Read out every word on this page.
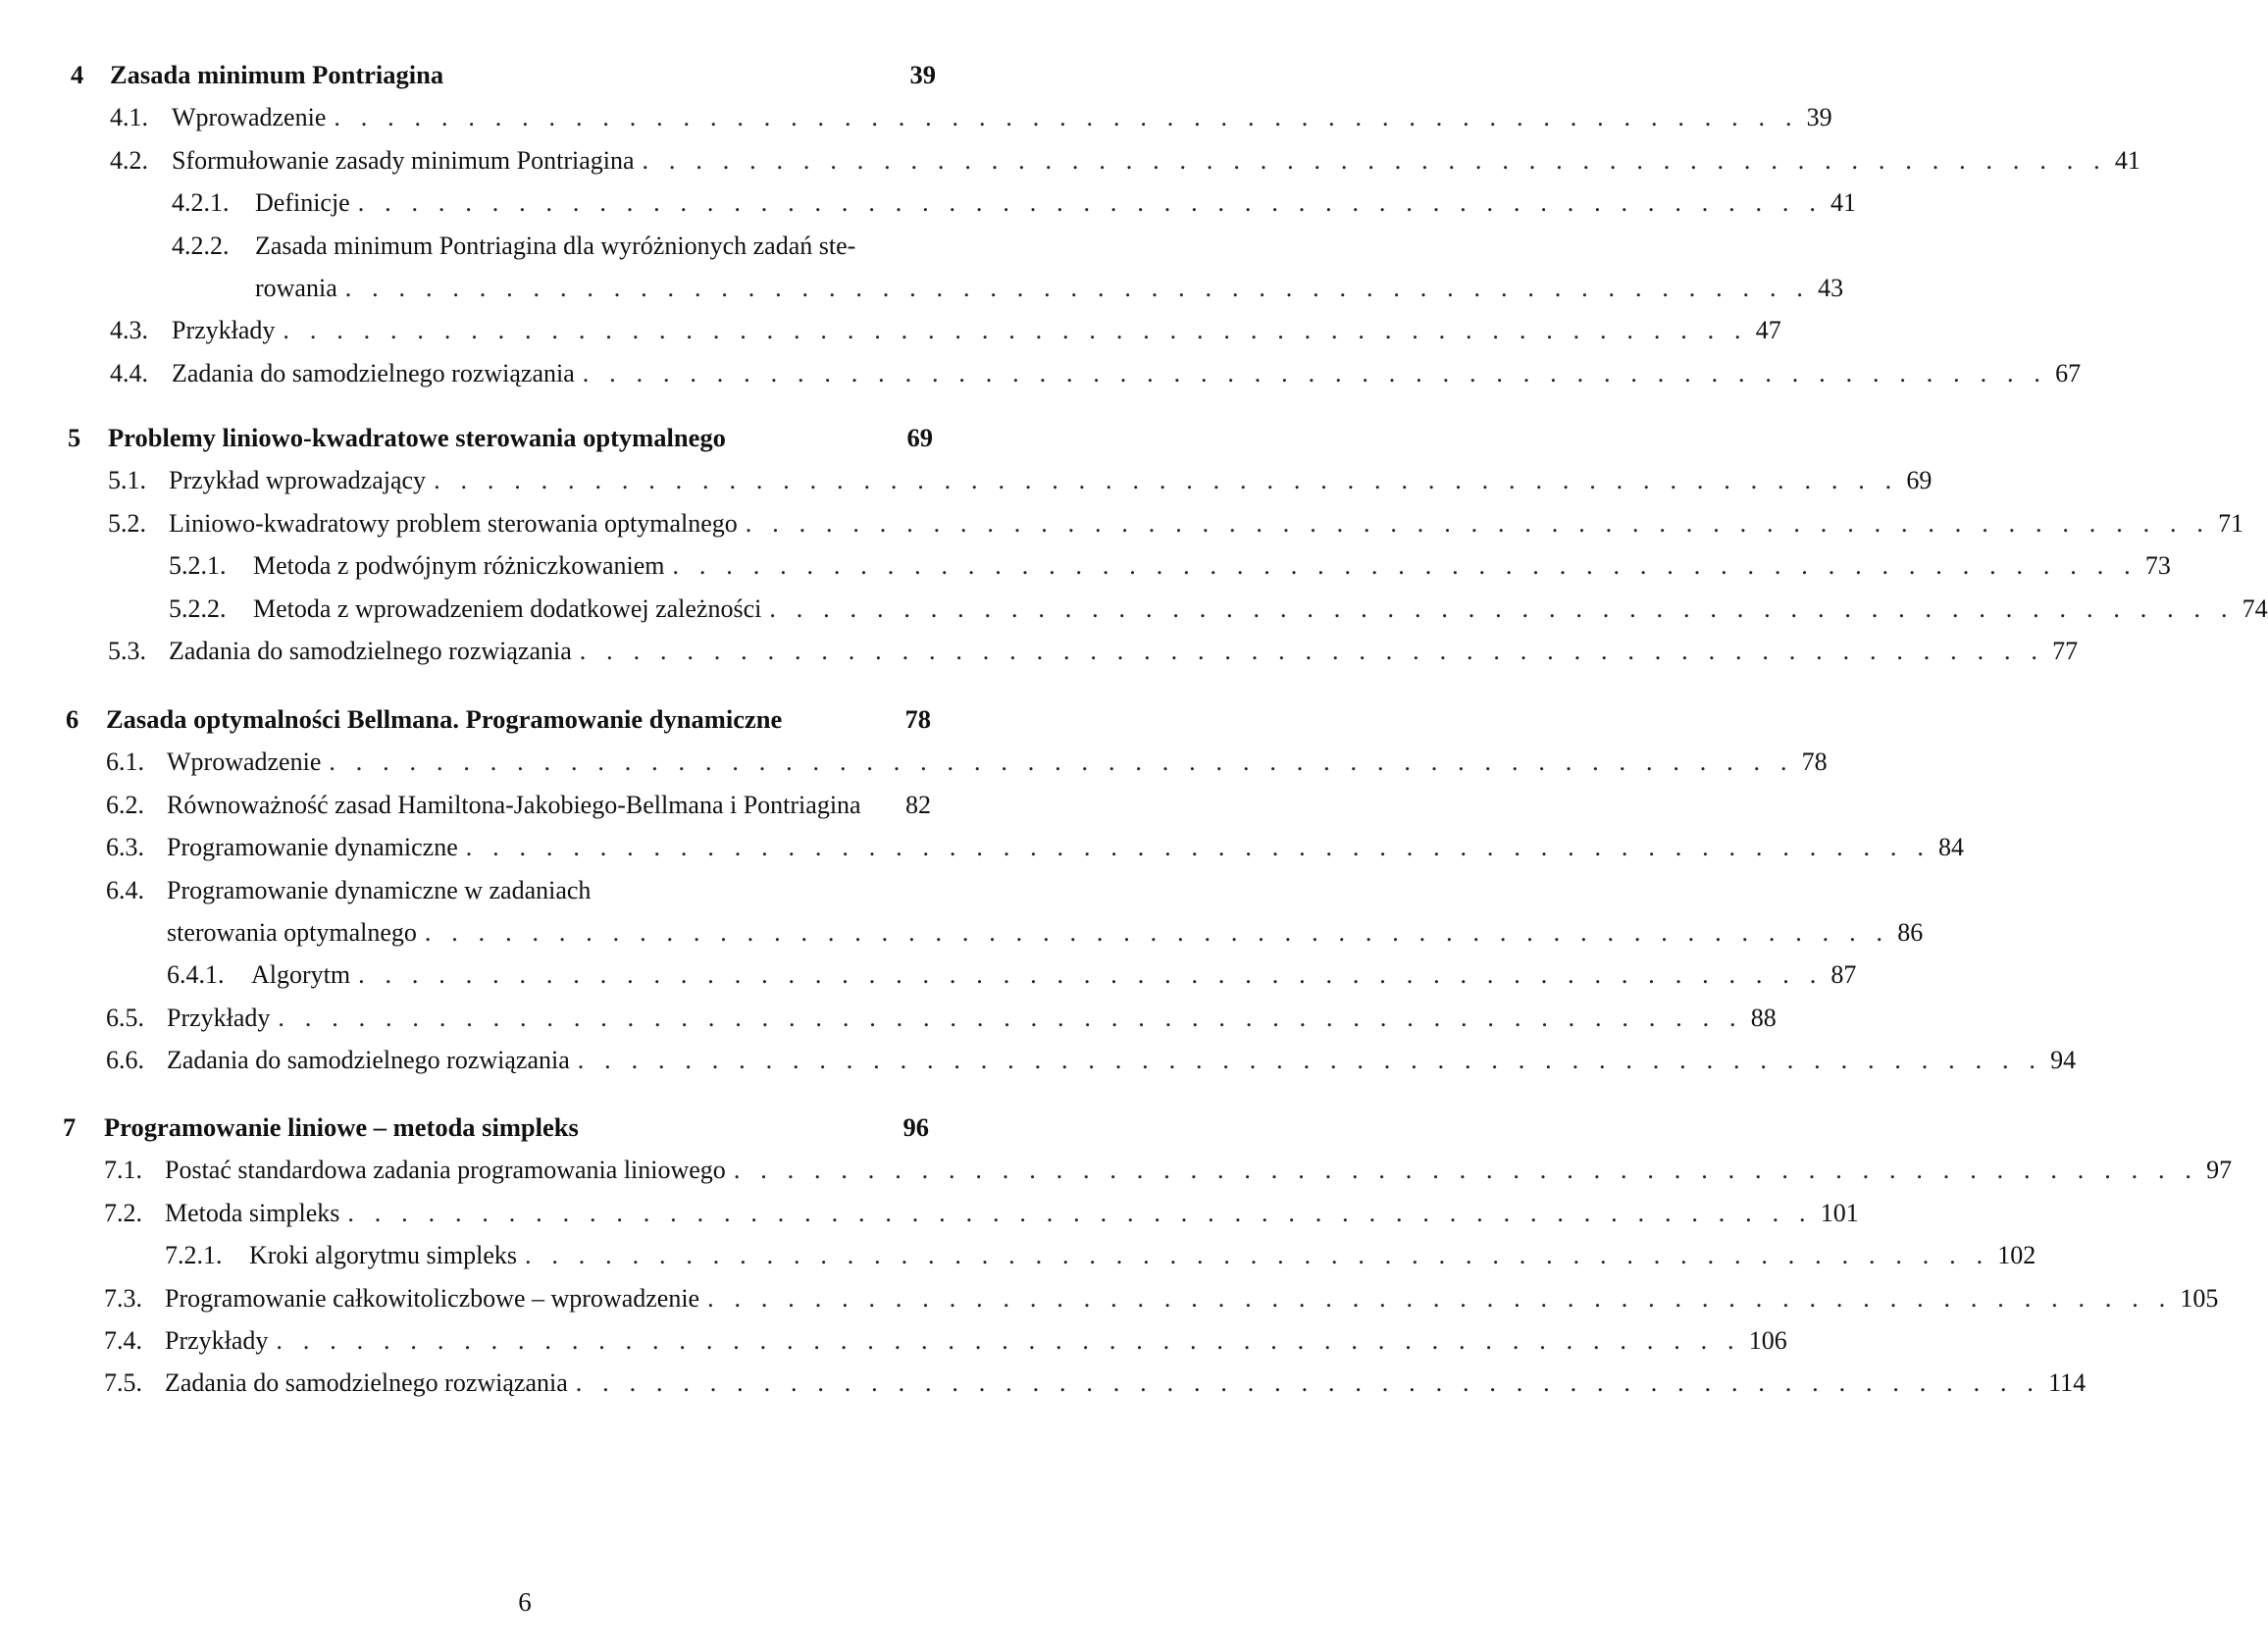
4	Zasada minimum Pontriagina	39
4.1. Wprowadzenie . . . . . . . . . . . . . . . . . . . . . . . . . . . . . . . . . . . . . . . . . . . . . . . . . . . . . . . 39
4.2. Sformułowanie zasady minimum Pontriagina . . . . . . . . . . . . . . . . . . . . . . . . . . . . . . . . . . . . . . . . . . . . . . . . . . . . . . . 41
4.2.1.	Definicje . . . . . . . . . . . . . . . . . . . . . . . . . . . . . . . . . . . . . . . . . . . . . . . . . . . . . . . 41
4.2.2.	Zasada minimum Pontriagina dla wyróżnionych zadań ste-
rowania . . . . . . . . . . . . . . . . . . . . . . . . . . . . . . . . . . . . . . . . . . . . . . . . . . . . . . . 43
4.3. Przykłady . . . . . . . . . . . . . . . . . . . . . . . . . . . . . . . . . . . . . . . . . . . . . . . . . . . . . . . 47
4.4. Zadania do samodzielnego rozwiązania . . . . . . . . . . . . . . . . . . . . . . . . . . . . . . . . . . . . . . . . . . . . . . . . . . . . . . . 67
5	Problemy liniowo-kwadratowe sterowania optymalnego	69
5.1. Przykład wprowadzający . . . . . . . . . . . . . . . . . . . . . . . . . . . . . . . . . . . . . . . . . . . . . . . . . . . . . . . 69
5.2. Liniowo-kwadratowy problem sterowania optymalnego . . . . . . . . . . . . . . . . . . . . . . . . . . . . . . . . . . . . . . . . . . . . . . . . . . . . . . . 71
5.2.1.	Metoda z podwójnym różniczkowaniem . . . . . . . . . . . . . . . . . . . . . . . . . . . . . . . . . . . . . . . . . . . . . . . . . . . . . . . 73
5.2.2.	Metoda z wprowadzeniem dodatkowej zależności . . . . . . . . . . . . . . . . . . . . . . . . . . . . . . . . . . . . . . . . . . . . . . . . . . . . . . . 74
5.3. Zadania do samodzielnego rozwiązania . . . . . . . . . . . . . . . . . . . . . . . . . . . . . . . . . . . . . . . . . . . . . . . . . . . . . . . 77
6	Zasada optymalności Bellmana. Programowanie dynamiczne	78
6.1. Wprowadzenie . . . . . . . . . . . . . . . . . . . . . . . . . . . . . . . . . . . . . . . . . . . . . . . . . . . . . . . 78
6.2. Równoważność zasad Hamiltona-Jakobiego-Bellmana i Pontriagina 82
6.3. Programowanie dynamiczne . . . . . . . . . . . . . . . . . . . . . . . . . . . . . . . . . . . . . . . . . . . . . . . . . . . . . . . 84
6.4. Programowanie dynamiczne w zadaniach
sterowania optymalnego . . . . . . . . . . . . . . . . . . . . . . . . . . . . . . . . . . . . . . . . . . . . . . . . . . . . . . . 86
6.4.1.	Algorytm . . . . . . . . . . . . . . . . . . . . . . . . . . . . . . . . . . . . . . . . . . . . . . . . . . . . . . . 87
6.5. Przykłady . . . . . . . . . . . . . . . . . . . . . . . . . . . . . . . . . . . . . . . . . . . . . . . . . . . . . . . 88
6.6. Zadania do samodzielnego rozwiązania . . . . . . . . . . . . . . . . . . . . . . . . . . . . . . . . . . . . . . . . . . . . . . . . . . . . . . . 94
7	Programowanie liniowe – metoda simpleks	96
7.1. Postać standardowa zadania programowania liniowego . . . . . . . . . . . . . . . . . . . . . . . . . . . . . . . . . . . . . . . . . . . . . . . . . . . . . . . 97
7.2. Metoda simpleks . . . . . . . . . . . . . . . . . . . . . . . . . . . . . . . . . . . . . . . . . . . . . . . . . . . . . . . 101
7.2.1.	Kroki algorytmu simpleks . . . . . . . . . . . . . . . . . . . . . . . . . . . . . . . . . . . . . . . . . . . . . . . . . . . . . . . 102
7.3. Programowanie całkowitoliczbowe – wprowadzenie . . . . . . . . . . . . . . . . . . . . . . . . . . . . . . . . . . . . . . . . . . . . . . . . . . . . . . . 105
7.4. Przykłady . . . . . . . . . . . . . . . . . . . . . . . . . . . . . . . . . . . . . . . . . . . . . . . . . . . . . . . 106
7.5. Zadania do samodzielnego rozwiązania . . . . . . . . . . . . . . . . . . . . . . . . . . . . . . . . . . . . . . . . . . . . . . . . . . . . . . . 114
6
